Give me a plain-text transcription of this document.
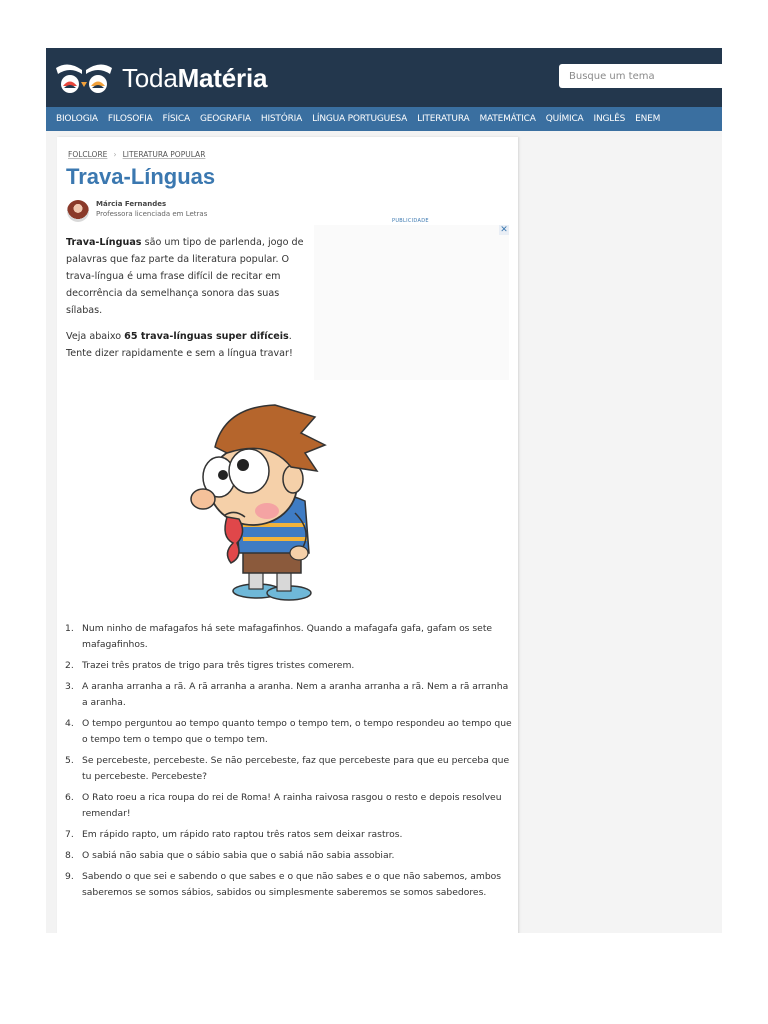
TodaMatéria
Busque um tema
BIOLOGIA FILOSOFIA FÍSICA GEOGRAFIA HISTÓRIA LÍNGUA PORTUGUESA LITERATURA MATEMÁTICA QUÍMICA INGLÊS ENEM
FOLCLORE › LITERATURA POPULAR
Trava-Línguas
Márcia Fernandes
Professora licenciada em Letras
PUBLICIDADE
✕

Trava-Línguas são um tipo de parlenda, jogo de palavras que faz parte da literatura popular. O trava-língua é uma frase difícil de recitar em decorrência da semelhança sonora das suas sílabas.

Veja abaixo 65 trava-línguas super difíceis. Tente dizer rapidamente e sem a língua travar!

1. Num ninho de mafagafos há sete mafagafinhos. Quando a mafagafa gafa, gafam os sete mafagafinhos.
2. Trazei três pratos de trigo para três tigres tristes comerem.
3. A aranha arranha a rã. A rã arranha a aranha. Nem a aranha arranha a rã. Nem a rã arranha a aranha.
4. O tempo perguntou ao tempo quanto tempo o tempo tem, o tempo respondeu ao tempo que o tempo tem o tempo que o tempo tem.
5. Se percebeste, percebeste. Se não percebeste, faz que percebeste para que eu perceba que tu percebeste. Percebeste?
6. O Rato roeu a rica roupa do rei de Roma! A rainha raivosa rasgou o resto e depois resolveu remendar!
7. Em rápido rapto, um rápido rato raptou três ratos sem deixar rastros.
8. O sabiá não sabia que o sábio sabia que o sabiá não sabia assobiar.
9. Sabendo o que sei e sabendo o que sabes e o que não sabes e o que não sabemos, ambos saberemos se somos sábios, sabidos ou simplesmente saberemos se somos sabedores.
